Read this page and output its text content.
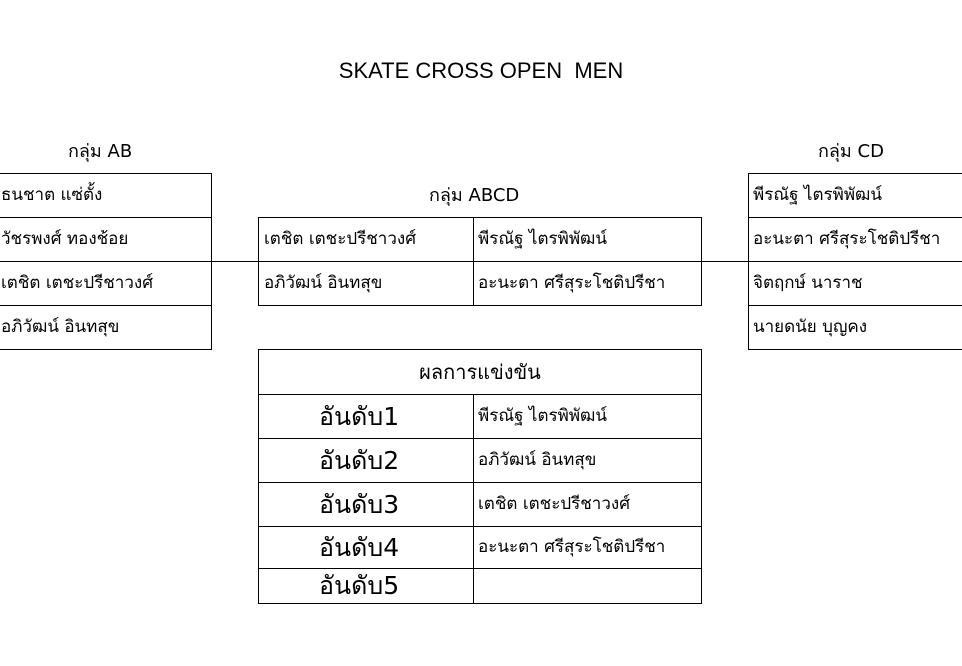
SKATE CROSS OPEN  MEN
กลุ่ม AB	กลุ่ม CD
กลุ่ม ABCD
ธนชาต แซ่ตั้ง
วัชรพงศ์ ทองช้อย
เตชิต เตชะปรีชาวงศ์
อภิวัฒน์ อินทสุข
พีรณัฐ ไตรพิพัฒน์
อะนะตา ศรีสุระโชติปรีชา
จิตฤกษ์ นาราช
นายดนัย บุญคง
เตชิต เตชะปรีชาวงศ์	พีรณัฐ ไตรพิพัฒน์
อภิวัฒน์ อินทสุข	อะนะตา ศรีสุระโชติปรีชา
ผลการแข่งขัน
อันดับ1	พีรณัฐ ไตรพิพัฒน์
อันดับ2	อภิวัฒน์ อินทสุข
อันดับ3	เตชิต เตชะปรีชาวงศ์
อันดับ4	อะนะตา ศรีสุระโชติปรีชา
อันดับ5
